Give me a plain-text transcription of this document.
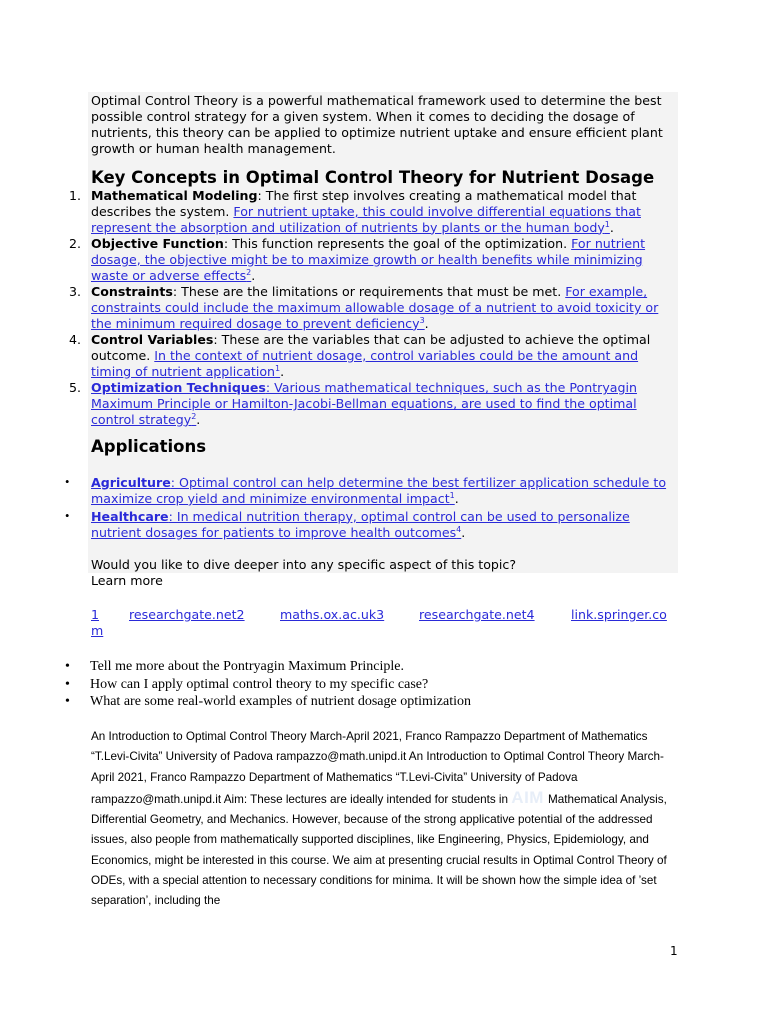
Optimal Control Theory is a powerful mathematical framework used to determine the best possible control strategy for a given system. When it comes to deciding the dosage of nutrients, this theory can be applied to optimize nutrient uptake and ensure efficient plant growth or human health management.

Key Concepts in Optimal Control Theory for Nutrient Dosage
1. Mathematical Modeling: The first step involves creating a mathematical model that describes the system. For nutrient uptake, this could involve differential equations that represent the absorption and utilization of nutrients by plants or the human body$^1$.
2. Objective Function: This function represents the goal of the optimization. For nutrient dosage, the objective might be to maximize growth or health benefits while minimizing waste or adverse effects$^2$.
3. Constraints: These are the limitations or requirements that must be met. For example, constraints could include the maximum allowable dosage of a nutrient to avoid toxicity or the minimum required dosage to prevent deficiency$^3$.
4. Control Variables: These are the variables that can be adjusted to achieve the optimal outcome. In the context of nutrient dosage, control variables could be the amount and timing of nutrient application$^1$.
5. Optimization Techniques: Various mathematical techniques, such as the Pontryagin Maximum Principle or Hamilton-Jacobi-Bellman equations, are used to find the optimal control strategy$^2$.
Applications
• Agriculture: Optimal control can help determine the best fertilizer application schedule to maximize crop yield and minimize environmental impact$^1$.
• Healthcare: In medical nutrition therapy, optimal control can be used to personalize nutrient dosages for patients to improve health outcomes$^4$.
Would you like to dive deeper into any specific aspect of this topic?
Learn more
1 researchgate.net2	maths.ox.ac.uk3	researchgate.net4	link.springer.co
m
• Tell me more about the Pontryagin Maximum Principle.
• How can I apply optimal control theory to my specific case?
• What are some real-world examples of nutrient dosage optimization
An Introduction to Optimal Control Theory March-April 2021, Franco Rampazzo Department of Mathematics “T.Levi-Civita” University of Padova rampazzo@math.unipd.it An Introduction to Optimal Control Theory March-April 2021, Franco Rampazzo Department of Mathematics “T.Levi-Civita” University of Padova rampazzo@math.unipd.it Aim: These lectures are ideally intended for students in AIM Mathematical Analysis, Differential Geometry, and Mechanics. However, because of the strong applicative potential of the addressed issues, also people from mathematically supported disciplines, like Engineering, Physics, Epidemiology, and Economics, might be interested in this course. We aim at presenting crucial results in Optimal Control Theory of ODEs, with a special attention to necessary conditions for minima. It will be shown how the simple idea of ’set separation’, including the
1
